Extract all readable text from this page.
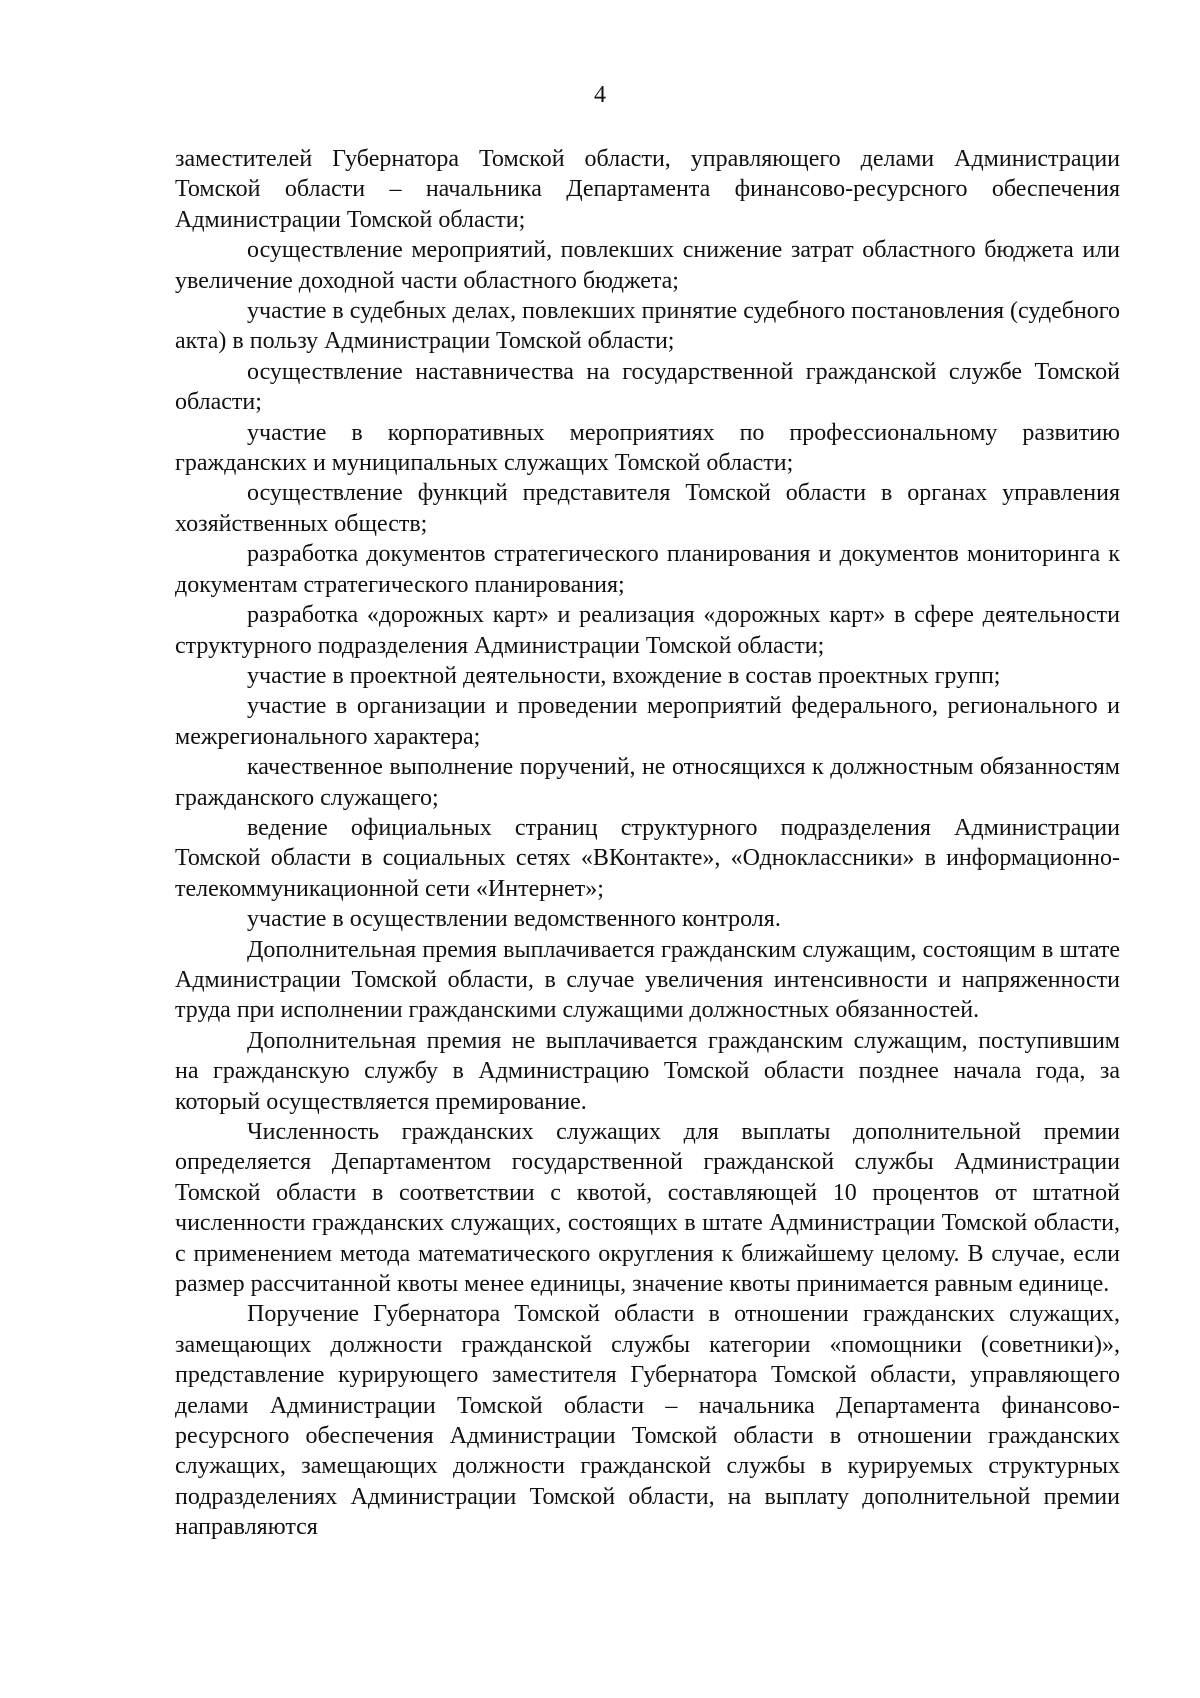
4

заместителей Губернатора Томской области, управляющего делами Администрации Томской области – начальника Департамента финансово-ресурсного обеспечения Администрации Томской области;

осуществление мероприятий, повлекших снижение затрат областного бюджета или увеличение доходной части областного бюджета;

участие в судебных делах, повлекших принятие судебного постановления (судебного акта) в пользу Администрации Томской области;

осуществление наставничества на государственной гражданской службе Томской области;

участие в корпоративных мероприятиях по профессиональному развитию гражданских и муниципальных служащих Томской области;

осуществление функций представителя Томской области в органах управления хозяйственных обществ;

разработка документов стратегического планирования и документов мониторинга к документам стратегического планирования;

разработка «дорожных карт» и реализация «дорожных карт» в сфере деятельности структурного подразделения Администрации Томской области;

участие в проектной деятельности, вхождение в состав проектных групп;

участие в организации и проведении мероприятий федерального, регионального и межрегионального характера;

качественное выполнение поручений, не относящихся к должностным обязанностям гражданского служащего;

ведение официальных страниц структурного подразделения Администрации Томской области в социальных сетях «ВКонтакте», «Одноклассники» в информационно-телекоммуникационной сети «Интернет»;

участие в осуществлении ведомственного контроля.

Дополнительная премия выплачивается гражданским служащим, состоящим в штате Администрации Томской области, в случае увеличения интенсивности и напряженности труда при исполнении гражданскими служащими должностных обязанностей.

Дополнительная премия не выплачивается гражданским служащим, поступившим на гражданскую службу в Администрацию Томской области позднее начала года, за который осуществляется премирование.

Численность гражданских служащих для выплаты дополнительной премии определяется Департаментом государственной гражданской службы Администрации Томской области в соответствии с квотой, составляющей 10 процентов от штатной численности гражданских служащих, состоящих в штате Администрации Томской области, с применением метода математического округления к ближайшему целому. В случае, если размер рассчитанной квоты менее единицы, значение квоты принимается равным единице.

Поручение Губернатора Томской области в отношении гражданских служащих, замещающих должности гражданской службы категории «помощники (советники)», представление курирующего заместителя Губернатора Томской области, управляющего делами Администрации Томской области – начальника Департамента финансово-ресурсного обеспечения Администрации Томской области в отношении гражданских служащих, замещающих должности гражданской службы в курируемых структурных подразделениях Администрации Томской области, на выплату дополнительной премии направляются
